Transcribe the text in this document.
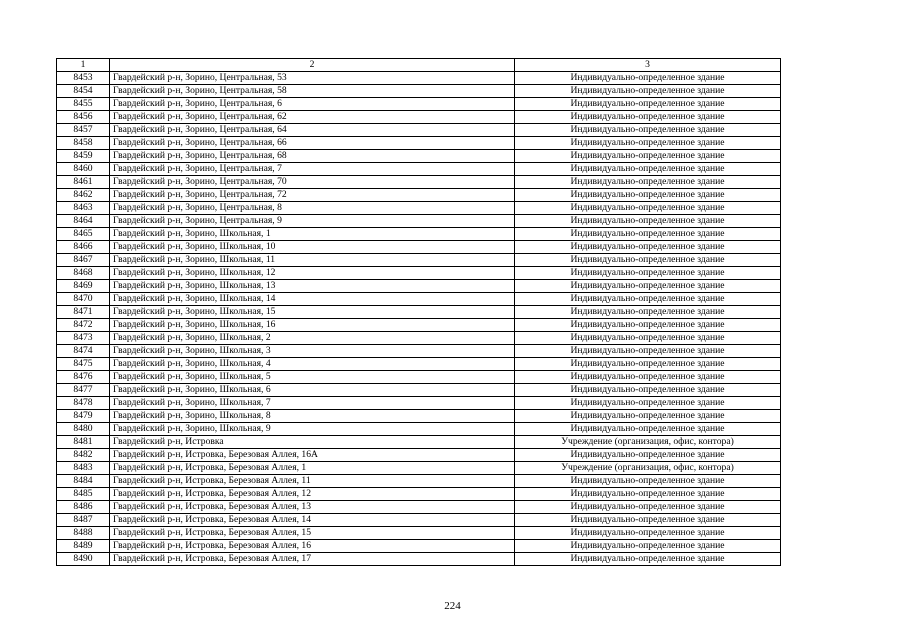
1	2	3
8453	Гвардейский р-н, Зорино, Центральная, 53	Индивидуально-определенное здание
8454	Гвардейский р-н, Зорино, Центральная, 58	Индивидуально-определенное здание
8455	Гвардейский р-н, Зорино, Центральная, 6	Индивидуально-определенное здание
8456	Гвардейский р-н, Зорино, Центральная, 62	Индивидуально-определенное здание
8457	Гвардейский р-н, Зорино, Центральная, 64	Индивидуально-определенное здание
8458	Гвардейский р-н, Зорино, Центральная, 66	Индивидуально-определенное здание
8459	Гвардейский р-н, Зорино, Центральная, 68	Индивидуально-определенное здание
8460	Гвардейский р-н, Зорино, Центральная, 7	Индивидуально-определенное здание
8461	Гвардейский р-н, Зорино, Центральная, 70	Индивидуально-определенное здание
8462	Гвардейский р-н, Зорино, Центральная, 72	Индивидуально-определенное здание
8463	Гвардейский р-н, Зорино, Центральная, 8	Индивидуально-определенное здание
8464	Гвардейский р-н, Зорино, Центральная, 9	Индивидуально-определенное здание
8465	Гвардейский р-н, Зорино, Школьная, 1	Индивидуально-определенное здание
8466	Гвардейский р-н, Зорино, Школьная, 10	Индивидуально-определенное здание
8467	Гвардейский р-н, Зорино, Школьная, 11	Индивидуально-определенное здание
8468	Гвардейский р-н, Зорино, Школьная, 12	Индивидуально-определенное здание
8469	Гвардейский р-н, Зорино, Школьная, 13	Индивидуально-определенное здание
8470	Гвардейский р-н, Зорино, Школьная, 14	Индивидуально-определенное здание
8471	Гвардейский р-н, Зорино, Школьная, 15	Индивидуально-определенное здание
8472	Гвардейский р-н, Зорино, Школьная, 16	Индивидуально-определенное здание
8473	Гвардейский р-н, Зорино, Школьная, 2	Индивидуально-определенное здание
8474	Гвардейский р-н, Зорино, Школьная, 3	Индивидуально-определенное здание
8475	Гвардейский р-н, Зорино, Школьная, 4	Индивидуально-определенное здание
8476	Гвардейский р-н, Зорино, Школьная, 5	Индивидуально-определенное здание
8477	Гвардейский р-н, Зорино, Школьная, 6	Индивидуально-определенное здание
8478	Гвардейский р-н, Зорино, Школьная, 7	Индивидуально-определенное здание
8479	Гвардейский р-н, Зорино, Школьная, 8	Индивидуально-определенное здание
8480	Гвардейский р-н, Зорино, Школьная, 9	Индивидуально-определенное здание
8481	Гвардейский р-н, Истровка	Учреждение (организация, офис, контора)
8482	Гвардейский р-н, Истровка, Березовая Аллея, 16А	Индивидуально-определенное здание
8483	Гвардейский р-н, Истровка, Березовая Аллея, 1	Учреждение (организация, офис, контора)
8484	Гвардейский р-н, Истровка, Березовая Аллея, 11	Индивидуально-определенное здание
8485	Гвардейский р-н, Истровка, Березовая Аллея, 12	Индивидуально-определенное здание
8486	Гвардейский р-н, Истровка, Березовая Аллея, 13	Индивидуально-определенное здание
8487	Гвардейский р-н, Истровка, Березовая Аллея, 14	Индивидуально-определенное здание
8488	Гвардейский р-н, Истровка, Березовая Аллея, 15	Индивидуально-определенное здание
8489	Гвардейский р-н, Истровка, Березовая Аллея, 16	Индивидуально-определенное здание
8490	Гвардейский р-н, Истровка, Березовая Аллея, 17	Индивидуально-определенное здание
224
